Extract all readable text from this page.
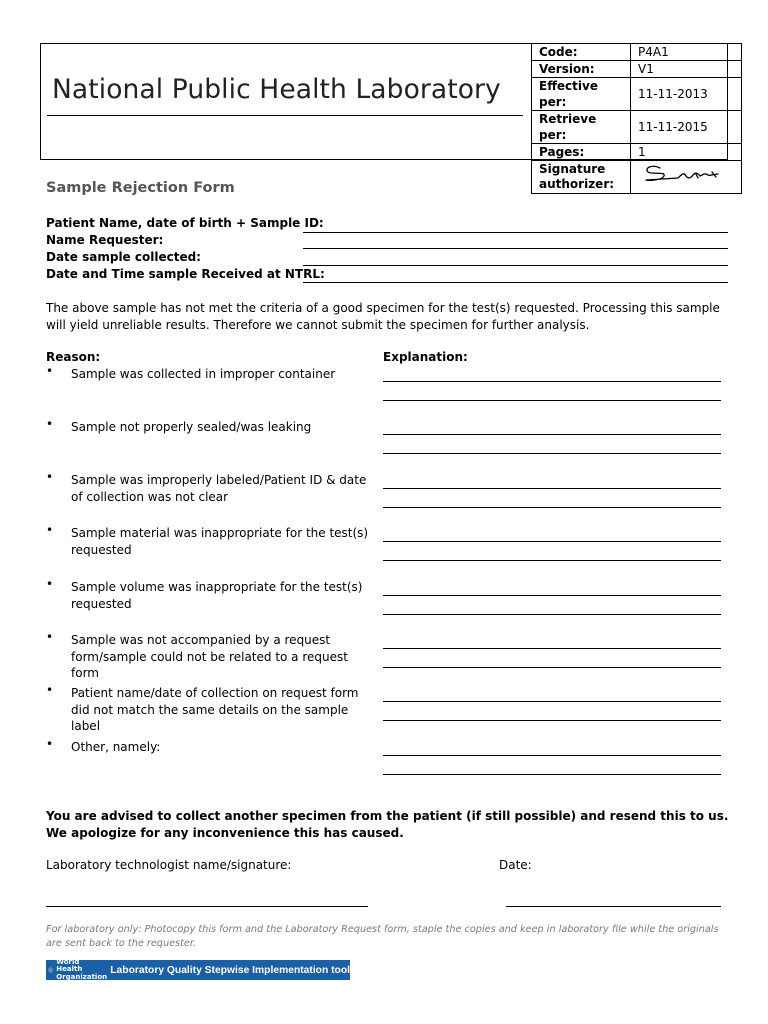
National Public Health Laboratory
Code:	P4A1
Version:	V1
Effective per:	11-11-2013
Retrieve per:	11-11-2015
Pages:	1
Signature authorizer:	
Sample Rejection Form
Patient Name, date of birth + Sample ID:
Name Requester:
Date sample collected:
Date and Time sample Received at NTRL:
The above sample has not met the criteria of a good specimen for the test(s) requested. Processing this sample will yield unreliable results. Therefore we cannot submit the specimen for further analysis.
Reason:	Explanation:
• Sample was collected in improper container
• Sample not properly sealed/was leaking
• Sample was improperly labeled/Patient ID & date of collection was not clear
• Sample material was inappropriate for the test(s) requested
• Sample volume was inappropriate for the test(s) requested
• Sample was not accompanied by a request form/sample could not be related to a request form
• Patient name/date of collection on request form did not match the same details on the sample label
• Other, namely:
You are advised to collect another specimen from the patient (if still possible) and resend this to us. We apologize for any inconvenience this has caused.
Laboratory technologist name/signature:	Date:
For laboratory only: Photocopy this form and the Laboratory Request form, staple the copies and keep in laboratory file while the originals are sent back to the requester.
World Health Organization
Laboratory Quality Stepwise Implementation tool
